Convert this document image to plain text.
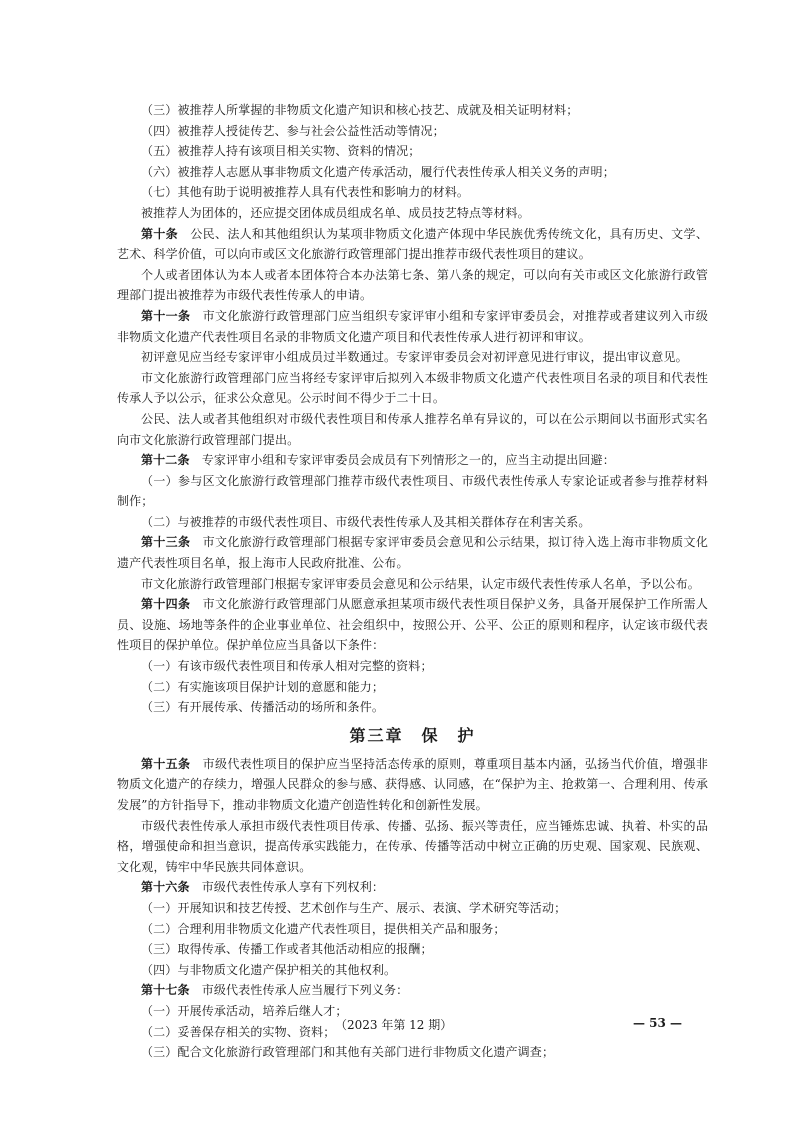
（三）被推荐人所掌握的非物质文化遗产知识和核心技艺、成就及相关证明材料；

（四）被推荐人授徒传艺、参与社会公益性活动等情况；

（五）被推荐人持有该项目相关实物、资料的情况；

（六）被推荐人志愿从事非物质文化遗产传承活动，履行代表性传承人相关义务的声明；

（七）其他有助于说明被推荐人具有代表性和影响力的材料。

被推荐人为团体的，还应提交团体成员组成名单、成员技艺特点等材料。

第十条　公民、法人和其他组织认为某项非物质文化遗产体现中华民族优秀传统文化，具有历史、文学、艺术、科学价值，可以向市或区文化旅游行政管理部门提出推荐市级代表性项目的建议。

个人或者团体认为本人或者本团体符合本办法第七条、第八条的规定，可以向有关市或区文化旅游行政管理部门提出被推荐为市级代表性传承人的申请。

第十一条　市文化旅游行政管理部门应当组织专家评审小组和专家评审委员会，对推荐或者建议列入市级非物质文化遗产代表性项目名录的非物质文化遗产项目和代表性传承人进行初评和审议。

初评意见应当经专家评审小组成员过半数通过。专家评审委员会对初评意见进行审议，提出审议意见。

市文化旅游行政管理部门应当将经专家评审后拟列入本级非物质文化遗产代表性项目名录的项目和代表性传承人予以公示，征求公众意见。公示时间不得少于二十日。

公民、法人或者其他组织对市级代表性项目和传承人推荐名单有异议的，可以在公示期间以书面形式实名向市文化旅游行政管理部门提出。

第十二条　专家评审小组和专家评审委员会成员有下列情形之一的，应当主动提出回避：

（一）参与区文化旅游行政管理部门推荐市级代表性项目、市级代表性传承人专家论证或者参与推荐材料制作；

（二）与被推荐的市级代表性项目、市级代表性传承人及其相关群体存在利害关系。

第十三条　市文化旅游行政管理部门根据专家评审委员会意见和公示结果，拟订待入选上海市非物质文化遗产代表性项目名单，报上海市人民政府批准、公布。

市文化旅游行政管理部门根据专家评审委员会意见和公示结果，认定市级代表性传承人名单，予以公布。

第十四条　市文化旅游行政管理部门从愿意承担某项市级代表性项目保护义务，具备开展保护工作所需人员、设施、场地等条件的企业事业单位、社会组织中，按照公开、公平、公正的原则和程序，认定该市级代表性项目的保护单位。保护单位应当具备以下条件：

（一）有该市级代表性项目和传承人相对完整的资料；

（二）有实施该项目保护计划的意愿和能力；

（三）有开展传承、传播活动的场所和条件。

第三章　保　护

第十五条　市级代表性项目的保护应当坚持活态传承的原则，尊重项目基本内涵，弘扬当代价值，增强非物质文化遗产的存续力，增强人民群众的参与感、获得感、认同感，在“保护为主、抢救第一、合理利用、传承发展”的方针指导下，推动非物质文化遗产创造性转化和创新性发展。

市级代表性传承人承担市级代表性项目传承、传播、弘扬、振兴等责任，应当锤炼忠诚、执着、朴实的品格，增强使命和担当意识，提高传承实践能力，在传承、传播等活动中树立正确的历史观、国家观、民族观、文化观，铸牢中华民族共同体意识。

第十六条　市级代表性传承人享有下列权利：

（一）开展知识和技艺传授、艺术创作与生产、展示、表演、学术研究等活动；

（二）合理利用非物质文化遗产代表性项目，提供相关产品和服务；

（三）取得传承、传播工作或者其他活动相应的报酬；

（四）与非物质文化遗产保护相关的其他权利。

第十七条　市级代表性传承人应当履行下列义务：

（一）开展传承活动，培养后继人才；

（二）妥善保存相关的实物、资料；

（三）配合文化旅游行政管理部门和其他有关部门进行非物质文化遗产调查；

（2023 年第 12 期）	— 53 —
